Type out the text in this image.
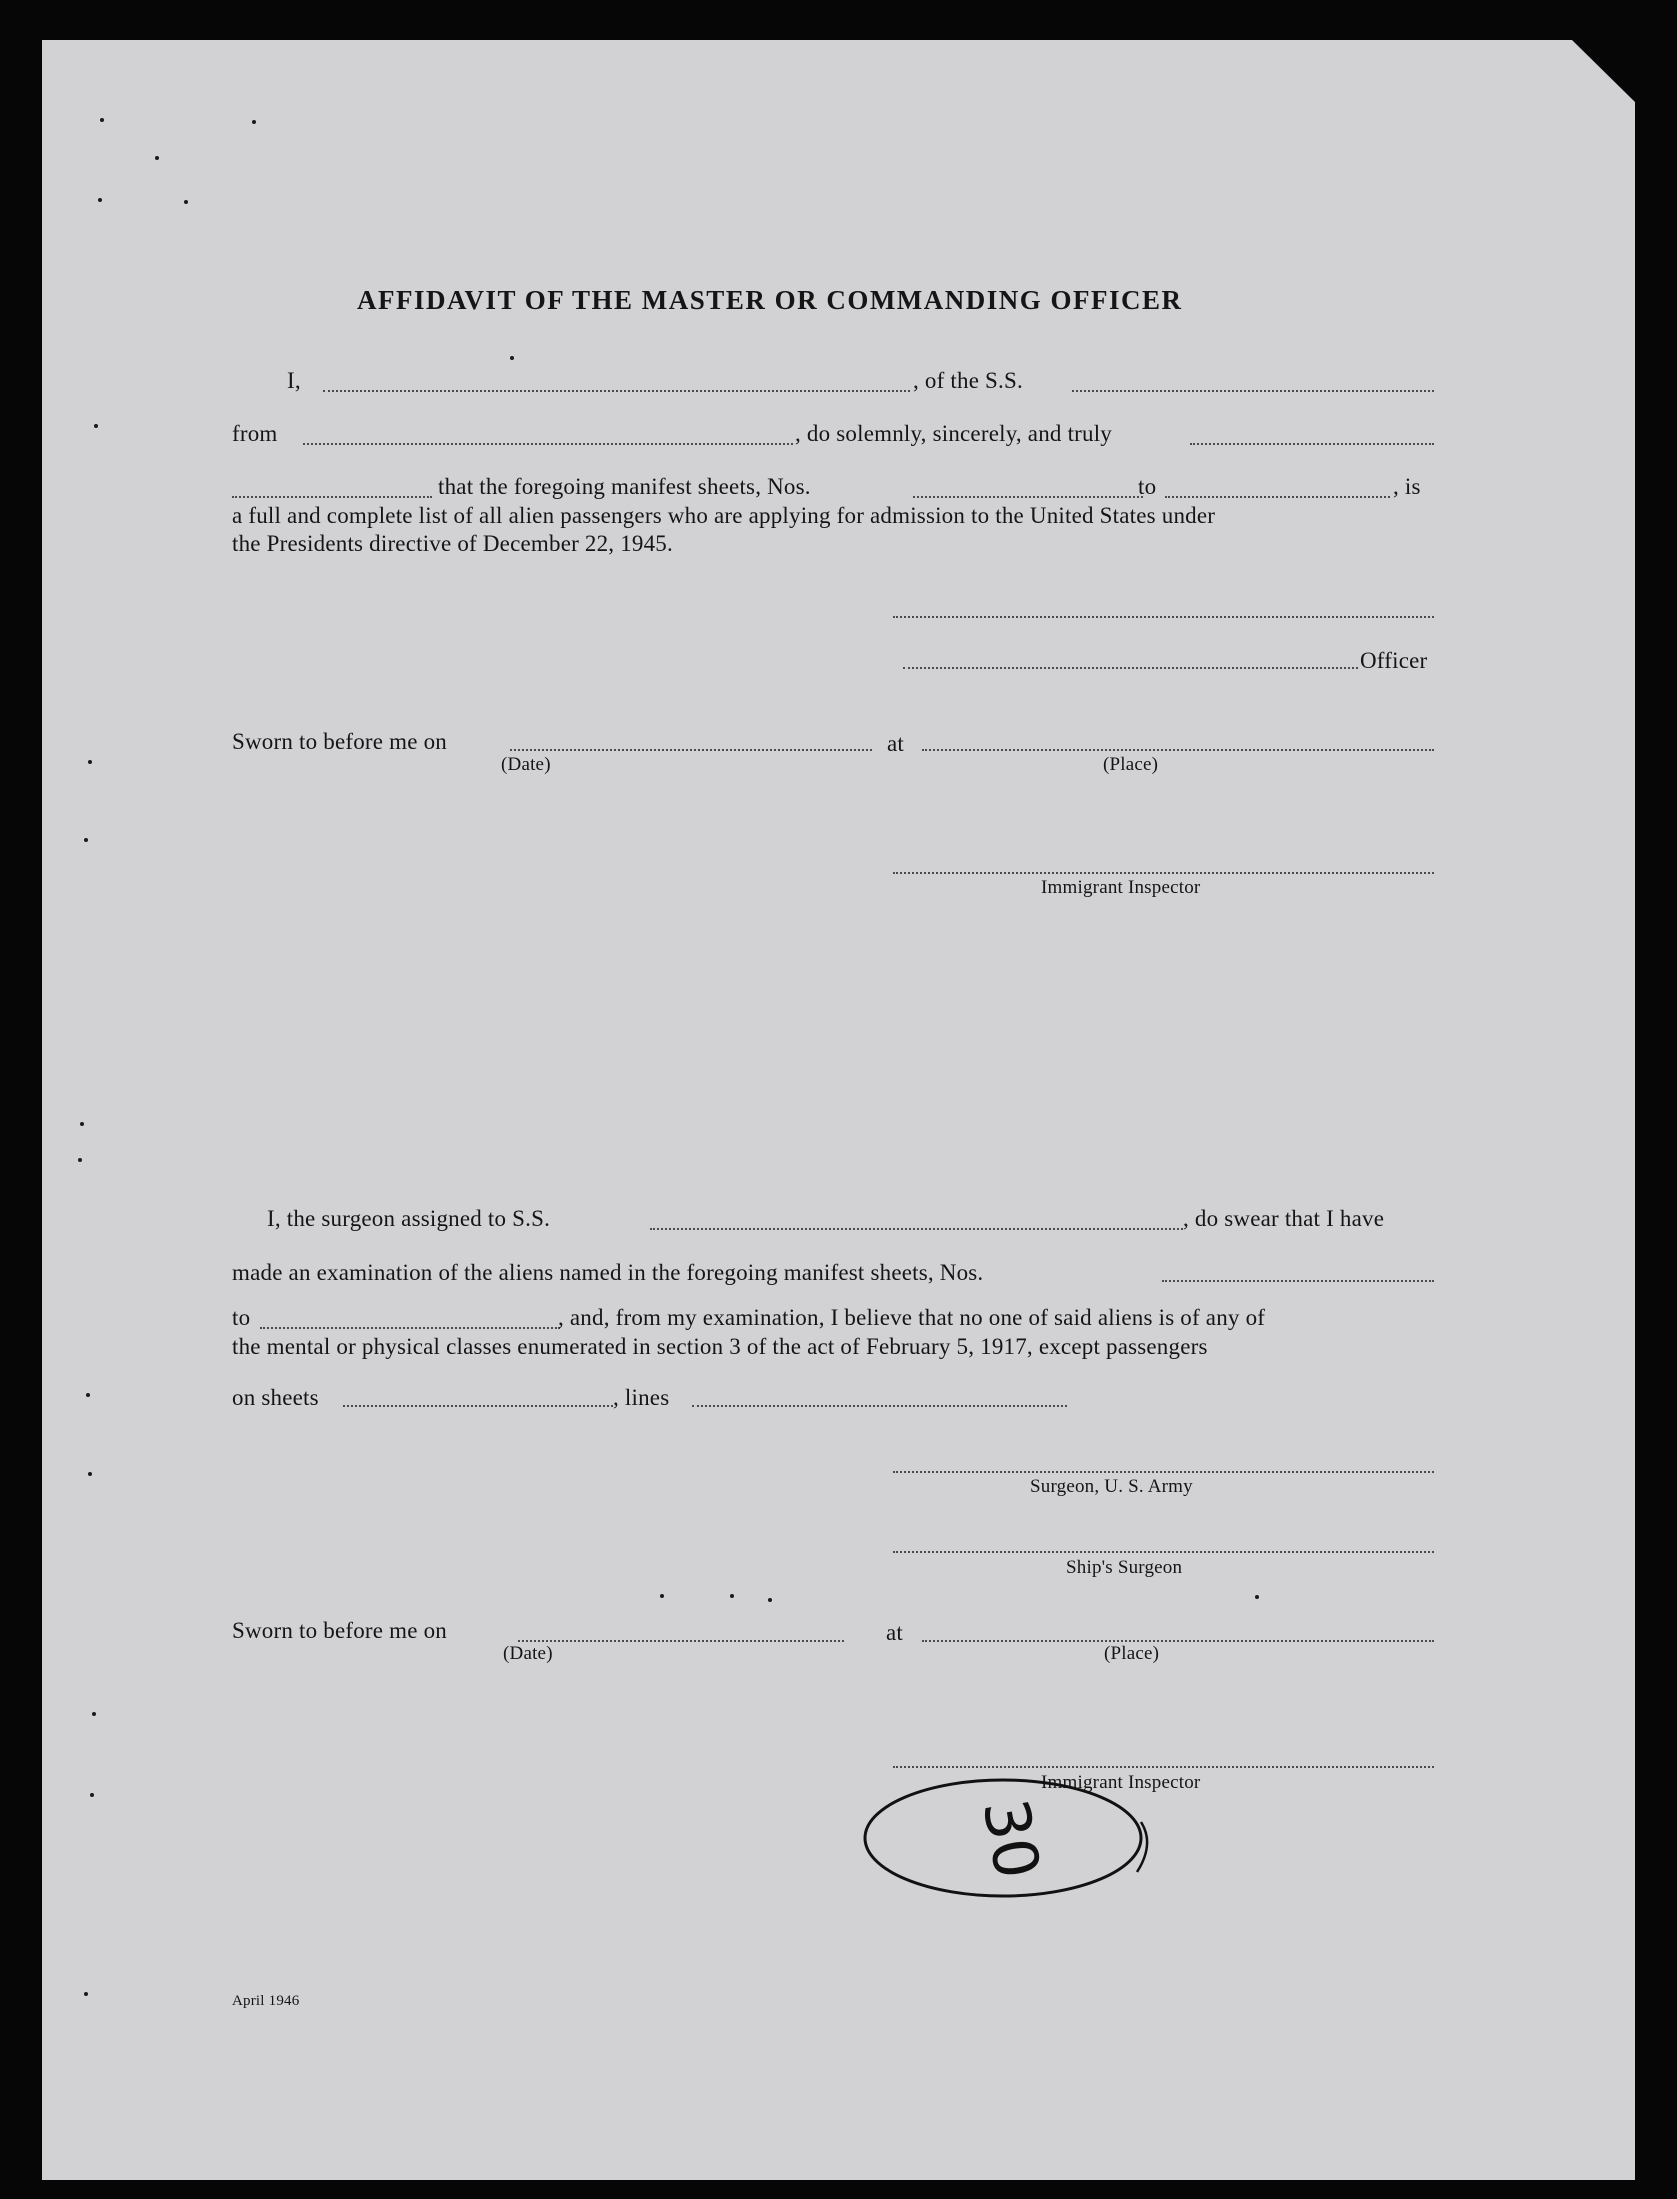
AFFIDAVIT OF THE MASTER OR COMMANDING OFFICER
I,	, of the S.S.
from	, do solemnly, sincerely, and truly
that the foregoing manifest sheets, Nos.	to	, is
a full and complete list of all alien passengers who are applying for admission to the United States under
the Presidents directive of December 22, 1945.
Officer
Sworn to before me on	at
(Date)	(Place)
Immigrant Inspector
I, the surgeon assigned to S.S.	, do swear that I have
made an examination of the aliens named in the foregoing manifest sheets, Nos.
to	, and, from my examination, I believe that no one of said aliens is of any of
the mental or physical classes enumerated in section 3 of the act of February 5, 1917, except passengers
on sheets	, lines
Surgeon, U. S. Army
Ship's Surgeon
Sworn to before me on	at
(Date)	(Place)
Immigrant Inspector
30
April 1946
